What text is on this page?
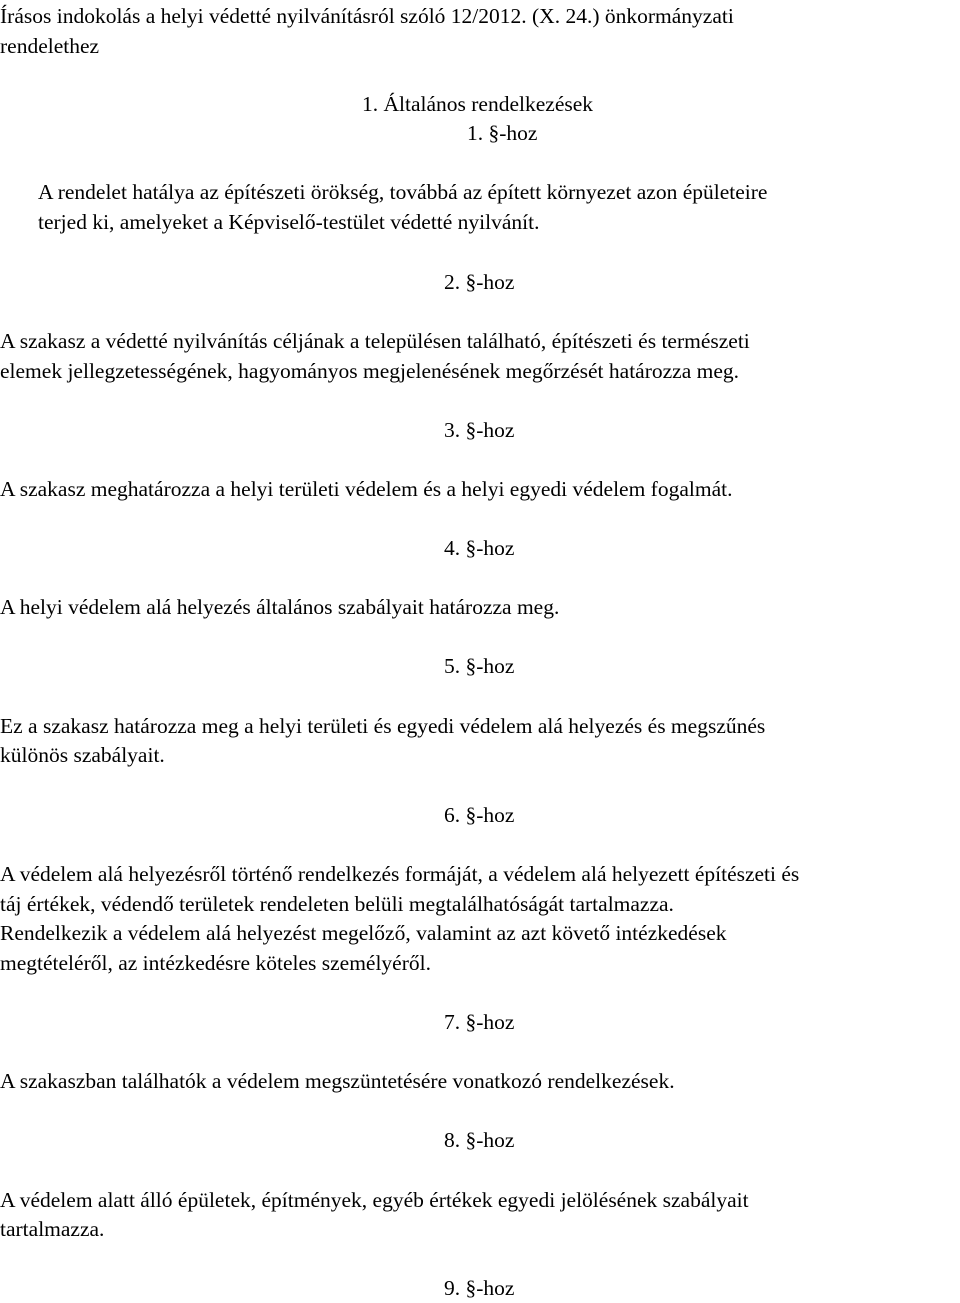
Írásos indokolás a helyi védetté nyilvánításról szóló 12/2012. (X. 24.) önkormányzati
rendelethez
1. Általános rendelkezések
1. §-hoz
A rendelet hatálya az építészeti örökség, továbbá az épített környezet azon épületeire
terjed ki, amelyeket a Képviselő-testület védetté nyilvánít.
2. §-hoz
A szakasz a védetté nyilvánítás céljának a településen található, építészeti és természeti
elemek jellegzetességének, hagyományos megjelenésének megőrzését határozza meg.
3. §-hoz
A szakasz meghatározza a helyi területi védelem és a helyi egyedi védelem fogalmát.
4. §-hoz
A helyi védelem alá helyezés általános szabályait határozza meg.
5. §-hoz
Ez a szakasz határozza meg a helyi területi és egyedi védelem alá helyezés és megszűnés
különös szabályait.
6. §-hoz
A védelem alá helyezésről történő rendelkezés formáját, a védelem alá helyezett építészeti és
táj értékek, védendő területek rendeleten belüli megtalálhatóságát tartalmazza.
Rendelkezik a védelem alá helyezést megelőző, valamint az azt követő intézkedések
megtételéről, az intézkedésre köteles személyéről.
7. §-hoz
A szakaszban találhatók a védelem megszüntetésére vonatkozó rendelkezések.
8. §-hoz
A védelem alatt álló épületek, építmények, egyéb értékek egyedi jelölésének szabályait
tartalmazza.
9. §-hoz
